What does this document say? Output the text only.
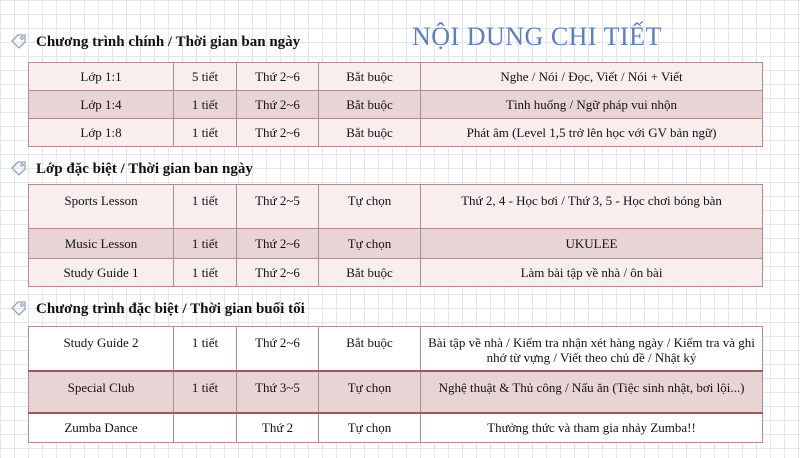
NỘI DUNG CHI TIẾT
Chương trình chính / Thời gian ban ngày
Lớp 1:1	5 tiết	Thứ 2~6	Bắt buộc	Nghe / Nói / Đọc, Viết / Nói + Viết
Lớp 1:4	1 tiết	Thứ 2~6	Bắt buộc	Tình huống / Ngữ pháp vui nhộn
Lớp 1:8	1 tiết	Thứ 2~6	Bắt buộc	Phát âm (Level 1,5 trở lên học với GV bản ngữ)
Lớp đặc biệt / Thời gian ban ngày
Sports Lesson	1 tiết	Thứ 2~5	Tự chọn	Thứ 2, 4 - Học bơi / Thứ 3, 5 - Học chơi bóng bàn
Music Lesson	1 tiết	Thứ 2~6	Tự chọn	UKULEE
Study Guide 1	1 tiết	Thứ 2~6	Bắt buộc	Làm bài tập về nhà / ôn bài
Chương trình đặc biệt / Thời gian buổi tối
Study Guide 2	1 tiết	Thứ 2~6	Bắt buộc	Bài tập về nhà / Kiểm tra nhận xét hàng ngày / Kiểm tra và ghi nhớ từ vựng / Viết theo chủ đề / Nhật ký
Special Club	1 tiết	Thứ 3~5	Tự chọn	Nghệ thuật & Thủ công / Nấu ăn (Tiệc sinh nhật, bơi lội...)
Zumba Dance		Thứ 2	Tự chọn	Thưởng thức và tham gia nhảy Zumba!!
